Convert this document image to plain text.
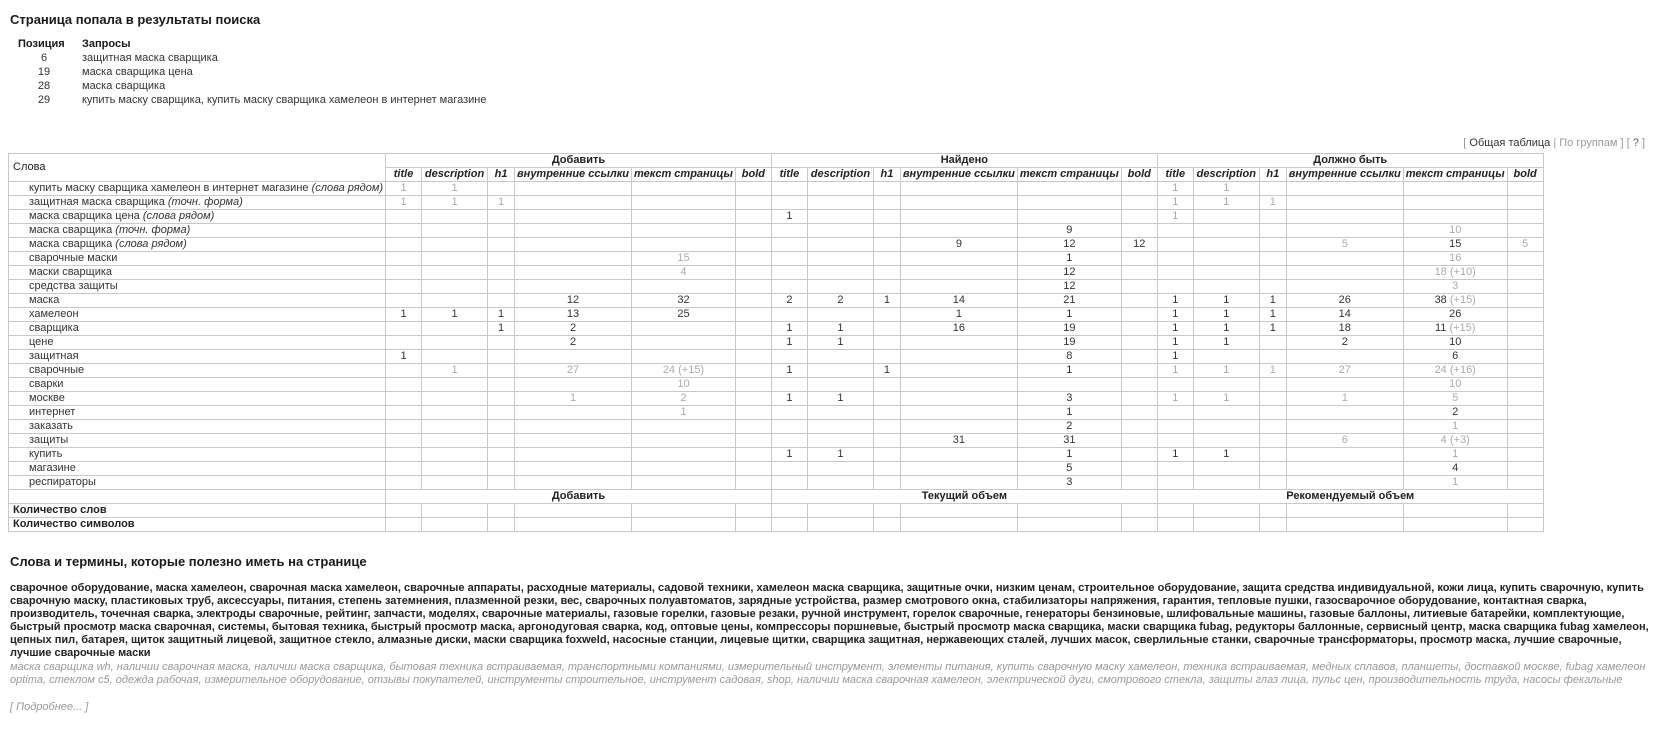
Страница попала в результаты поиска
Позиция	Запросы
6	защитная маска сварщика
19	маска сварщика цена
28	маска сварщика
29	купить маску сварщика, купить маску сварщика хамелеон в интернет магазине
[ Общая таблица | По группам ] [ ? ]
Слова	Добавить						Найдено						Должно быть					
	title	description	h1	внутренние ссылки	текст страницы	bold	title	description	h1	внутренние ссылки	текст страницы	bold	title	description	h1	внутренние ссылки	текст страницы	bold
купить маску сварщика хамелеон в интернет магазине (слова рядом)	1	1											1	1				
защитная маска сварщика (точн. форма)	1	1	1										1	1	1			
маска сварщика цена (слова рядом)							1						1					
маска сварщика (точн. форма)											9						10	
маска сварщика (слова рядом)										9	12	12				5	15	5
сварочные маски					15						1						16	
маски сварщика					4						12						18 (+10)	
средства защиты											12						3	
маска				12	32		2	2	1	14	21		1	1	1	26	38 (+15)	
хамелеон	1	1	1	13	25					1	1		1	1	1	14	26	
сварщика			1	2			1	1		16	19		1	1	1	18	11 (+15)	
цене				2			1	1			19		1	1		2	10	
защитная	1										8		1				6	
сварочные		1		27	24 (+15)		1		1		1		1	1	1	27	24 (+16)	
сварки					10												10	
москве				1	2		1	1			3		1	1		1	5	
интернет					1						1						2	
заказать											2						1	
защиты										31	31					6	4 (+3)	
купить							1	1			1		1	1			1	
магазине											5						4	
респираторы											3						1	
	Добавить						Текущий объем						Рекомендуемый объем					
Количество слов																		
Количество символов																		
Слова и термины, которые полезно иметь на странице
сварочное оборудование, маска хамелеон, сварочная маска хамелеон, сварочные аппараты, расходные материалы, садовой техники, хамелеон маска сварщика, защитные очки, низким ценам, строительное оборудование, защита средства индивидуальной, кожи лица, купить сварочную, купить сварочную маску, пластиковых труб, аксессуары, питания, степень затемнения, плазменной резки, вес, сварочных полуавтоматов, зарядные устройства, размер смотрового окна, стабилизаторы напряжения, гарантия, тепловые пушки, газосварочное оборудование, контактная сварка, производитель, точечная сварка, электроды сварочные, рейтинг, запчасти, моделях, сварочные материалы, газовые горелки, газовые резаки, ручной инструмент, горелок сварочные, генераторы бензиновые, шлифовальные машины, газовые баллоны, литиевые батарейки, комплектующие, быстрый просмотр маска сварочная, системы, бытовая техника, быстрый просмотр маска, аргонодуговая сварка, код, оптовые цены, компрессоры поршневые, быстрый просмотр маска сварщика, маски сварщика fubag, редукторы баллонные, сервисный центр, маска сварщика fubag хамелеон, цепных пил, батарея, щиток защитный лицевой, защитное стекло, алмазные диски, маски сварщика foxweld, насосные станции, лицевые щитки, сварщика защитная, нержавеющих сталей, лучших масок, сверлильные станки, сварочные трансформаторы, просмотр маска, лучшие сварочные, лучшие сварочные маски
маска сварщика wh, наличии сварочная маска, наличии маска сварщика, бытовая техника встраиваемая, транспортными компаниями, измерительный инструмент, элементы питания, купить сварочную маску хамелеон, техника встраиваемая, медных сплавов, планшеты, доставкой москве, fubag хамелеон optima, стеклом c5, одежда рабочая, измерительное оборудование, отзывы покупателей, инструменты строительное, инструмент садовая, shop, наличии маска сварочная хамелеон, электрической дуги, смотрового стекла, защиты глаз лица, пульс цен, производительность труда, насосы фекальные
[ Подробнее... ]
